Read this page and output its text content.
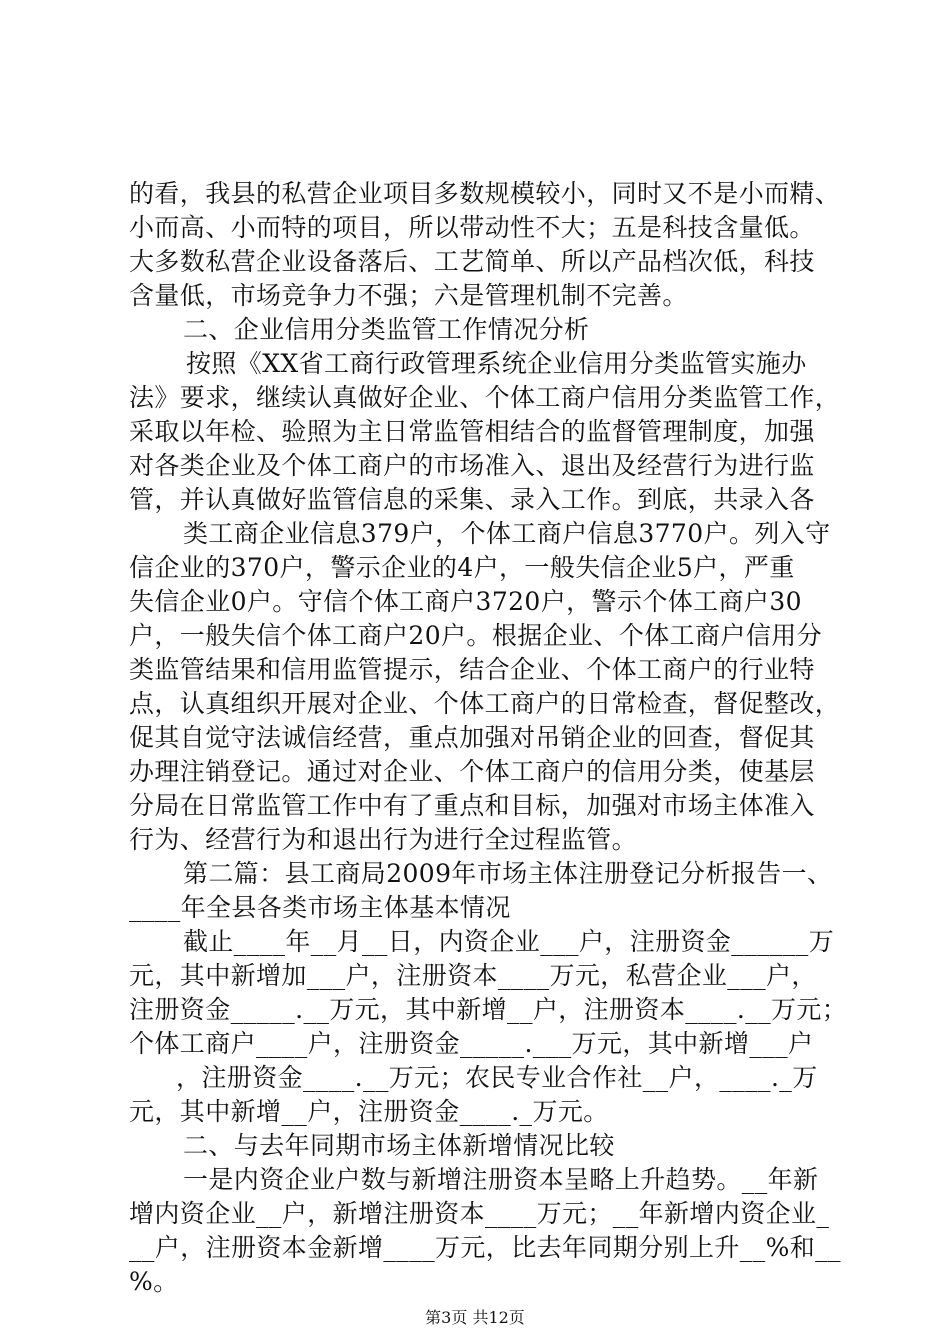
的看，我县的私营企业项目多数规模较小，同时又不是小而精、
小而高、小而特的项目，所以带动性不大；五是科技含量低。
大多数私营企业设备落后、工艺简单、所以产品档次低，科技
含量低，市场竞争力不强；六是管理机制不完善。
二、企业信用分类监管工作情况分析
按照《XX省工商行政管理系统企业信用分类监管实施办
法》要求，继续认真做好企业、个体工商户信用分类监管工作，
采取以年检、验照为主日常监管相结合的监督管理制度，加强
对各类企业及个体工商户的市场准入、退出及经营行为进行监
管，并认真做好监管信息的采集、录入工作。到底，共录入各
类工商企业信息379户，个体工商户信息3770户。列入守
信企业的370户，警示企业的4户，一般失信企业5户，严重
失信企业0户。守信个体工商户3720户，警示个体工商户30
户，一般失信个体工商户20户。根据企业、个体工商户信用分
类监管结果和信用监管提示，结合企业、个体工商户的行业特
点，认真组织开展对企业、个体工商户的日常检查，督促整改，
促其自觉守法诚信经营，重点加强对吊销企业的回查，督促其
办理注销登记。通过对企业、个体工商户的信用分类，使基层
分局在日常监管工作中有了重点和目标，加强对市场主体准入
行为、经营行为和退出行为进行全过程监管。
第二篇：县工商局2009年市场主体注册登记分析报告一、
____年全县各类市场主体基本情况
截止____年__月__日，内资企业___户，注册资金______万
元，其中新增加___户，注册资本____万元，私营企业___户，
注册资金_____.__万元，其中新增__户，注册资本____.__万元；
个体工商户____户，注册资金_____.___万元，其中新增___户
，注册资金____.__万元；农民专业合作社__户，____._万
元，其中新增__户，注册资金____._万元。
二、与去年同期市场主体新增情况比较
一是内资企业户数与新增注册资本呈略上升趋势。__年新
增内资企业__户，新增注册资本____万元；__年新增内资企业_
__户，注册资本金新增____万元，比去年同期分别上升__%和__
%。
第3页 共12页
